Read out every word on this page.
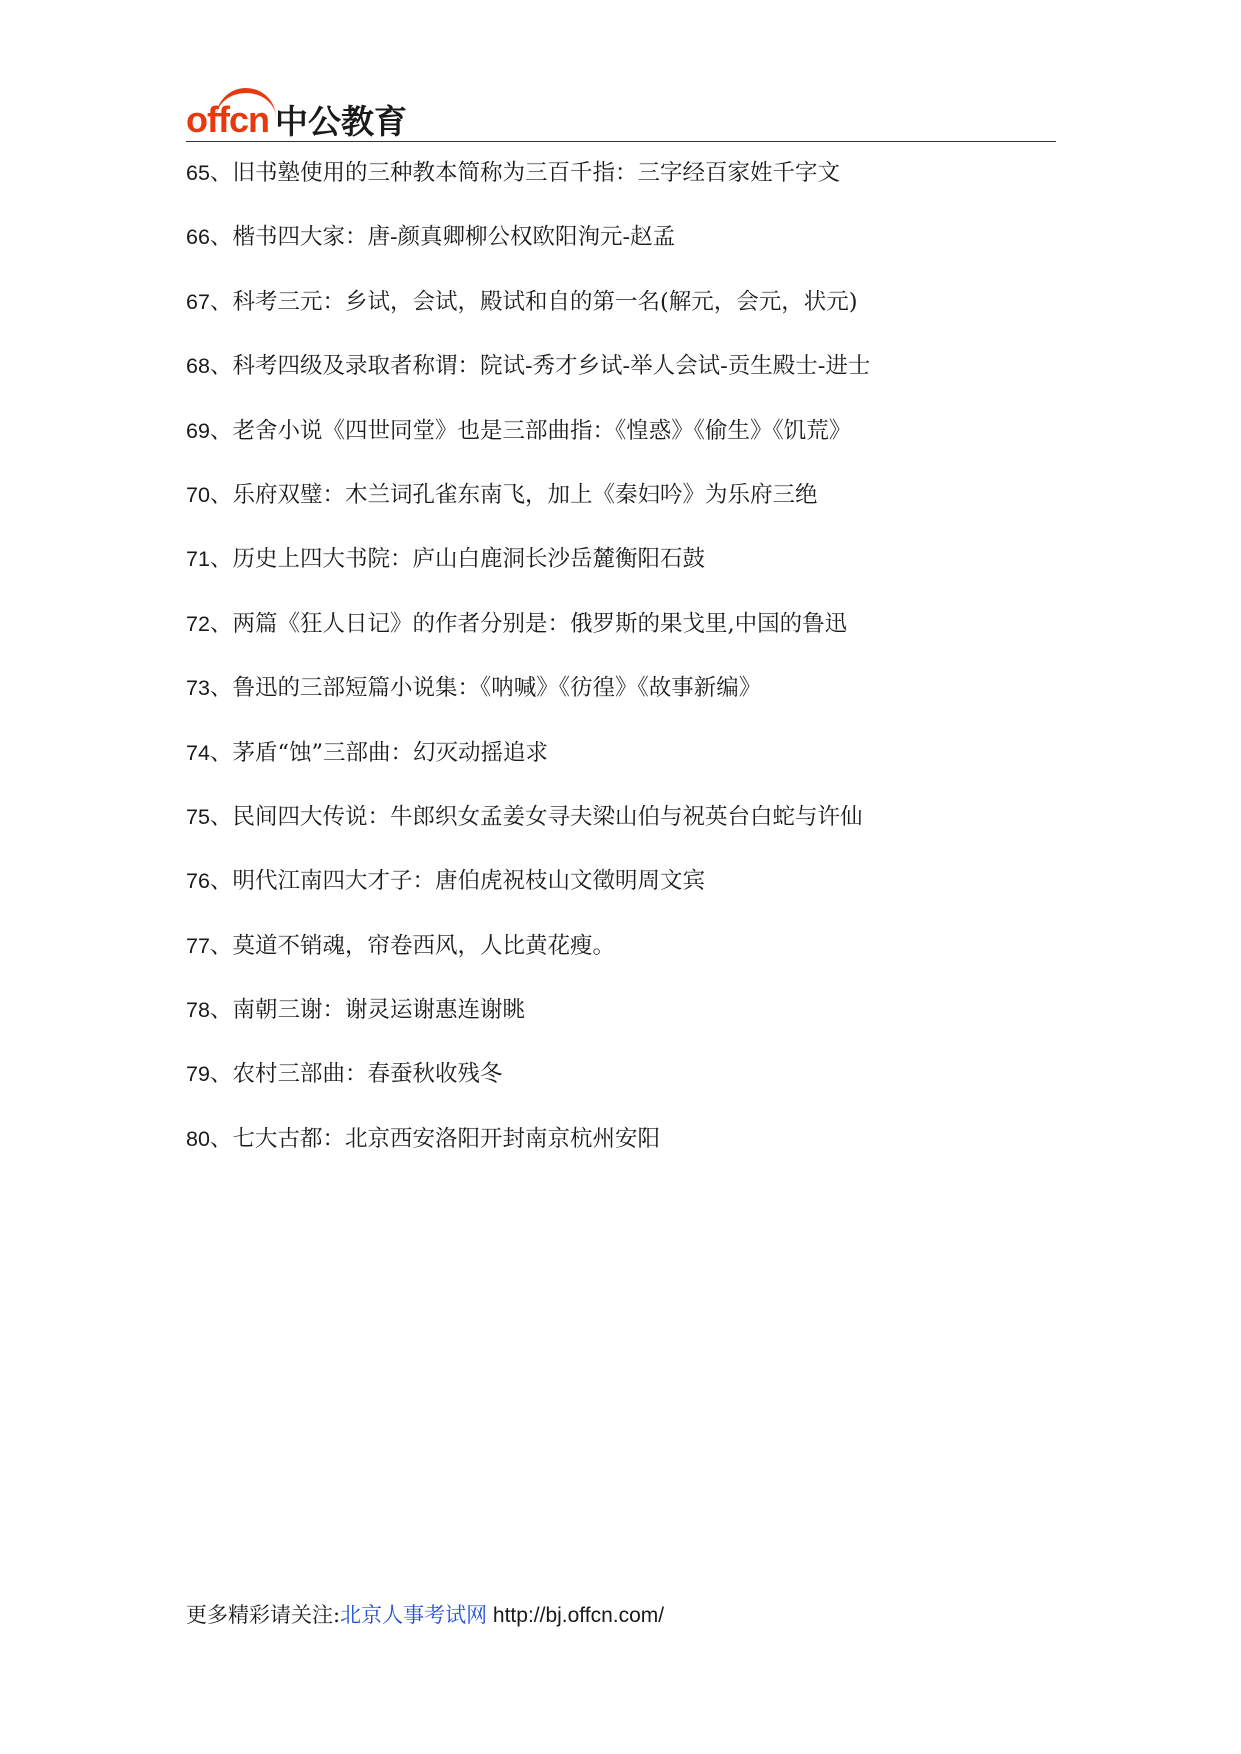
offcn 中公教育
65 、 旧书塾使用的三种教本简称为三百千指：三字经百家姓千字文
66 、 楷书四大家：唐-颜真卿柳公权欧阳洵元-赵孟
67 、 科考三元：乡试，会试，殿试和自的第一名(解元，会元，状元)
68 、 科考四级及录取者称谓：院试-秀才乡试-举人会试-贡生殿士-进士
69 、 老舍小说《四世同堂》也是三部曲指：《惶惑》《偷生》《饥荒》
70 、 乐府双璧：木兰词孔雀东南飞，加上《秦妇吟》为乐府三绝
71 、 历史上四大书院：庐山白鹿洞长沙岳麓衡阳石鼓
72 、 两篇《狂人日记》的作者分别是：俄罗斯的果戈里,中国的鲁迅
73 、 鲁迅的三部短篇小说集：《呐喊》《彷徨》《故事新编》
74 、 茅盾“蚀”三部曲：幻灭动摇追求
75 、 民间四大传说：牛郎织女孟姜女寻夫梁山伯与祝英台白蛇与许仙
76 、 明代江南四大才子：唐伯虎祝枝山文徵明周文宾
77 、 莫道不销魂，帘卷西风，人比黄花瘦。
78 、 南朝三谢：谢灵运谢惠连谢眺
79 、 农村三部曲：春蚕秋收残冬
80 、 七大古都：北京西安洛阳开封南京杭州安阳
更多精彩请关注:北京人事考试网 http://bj.offcn.com/
